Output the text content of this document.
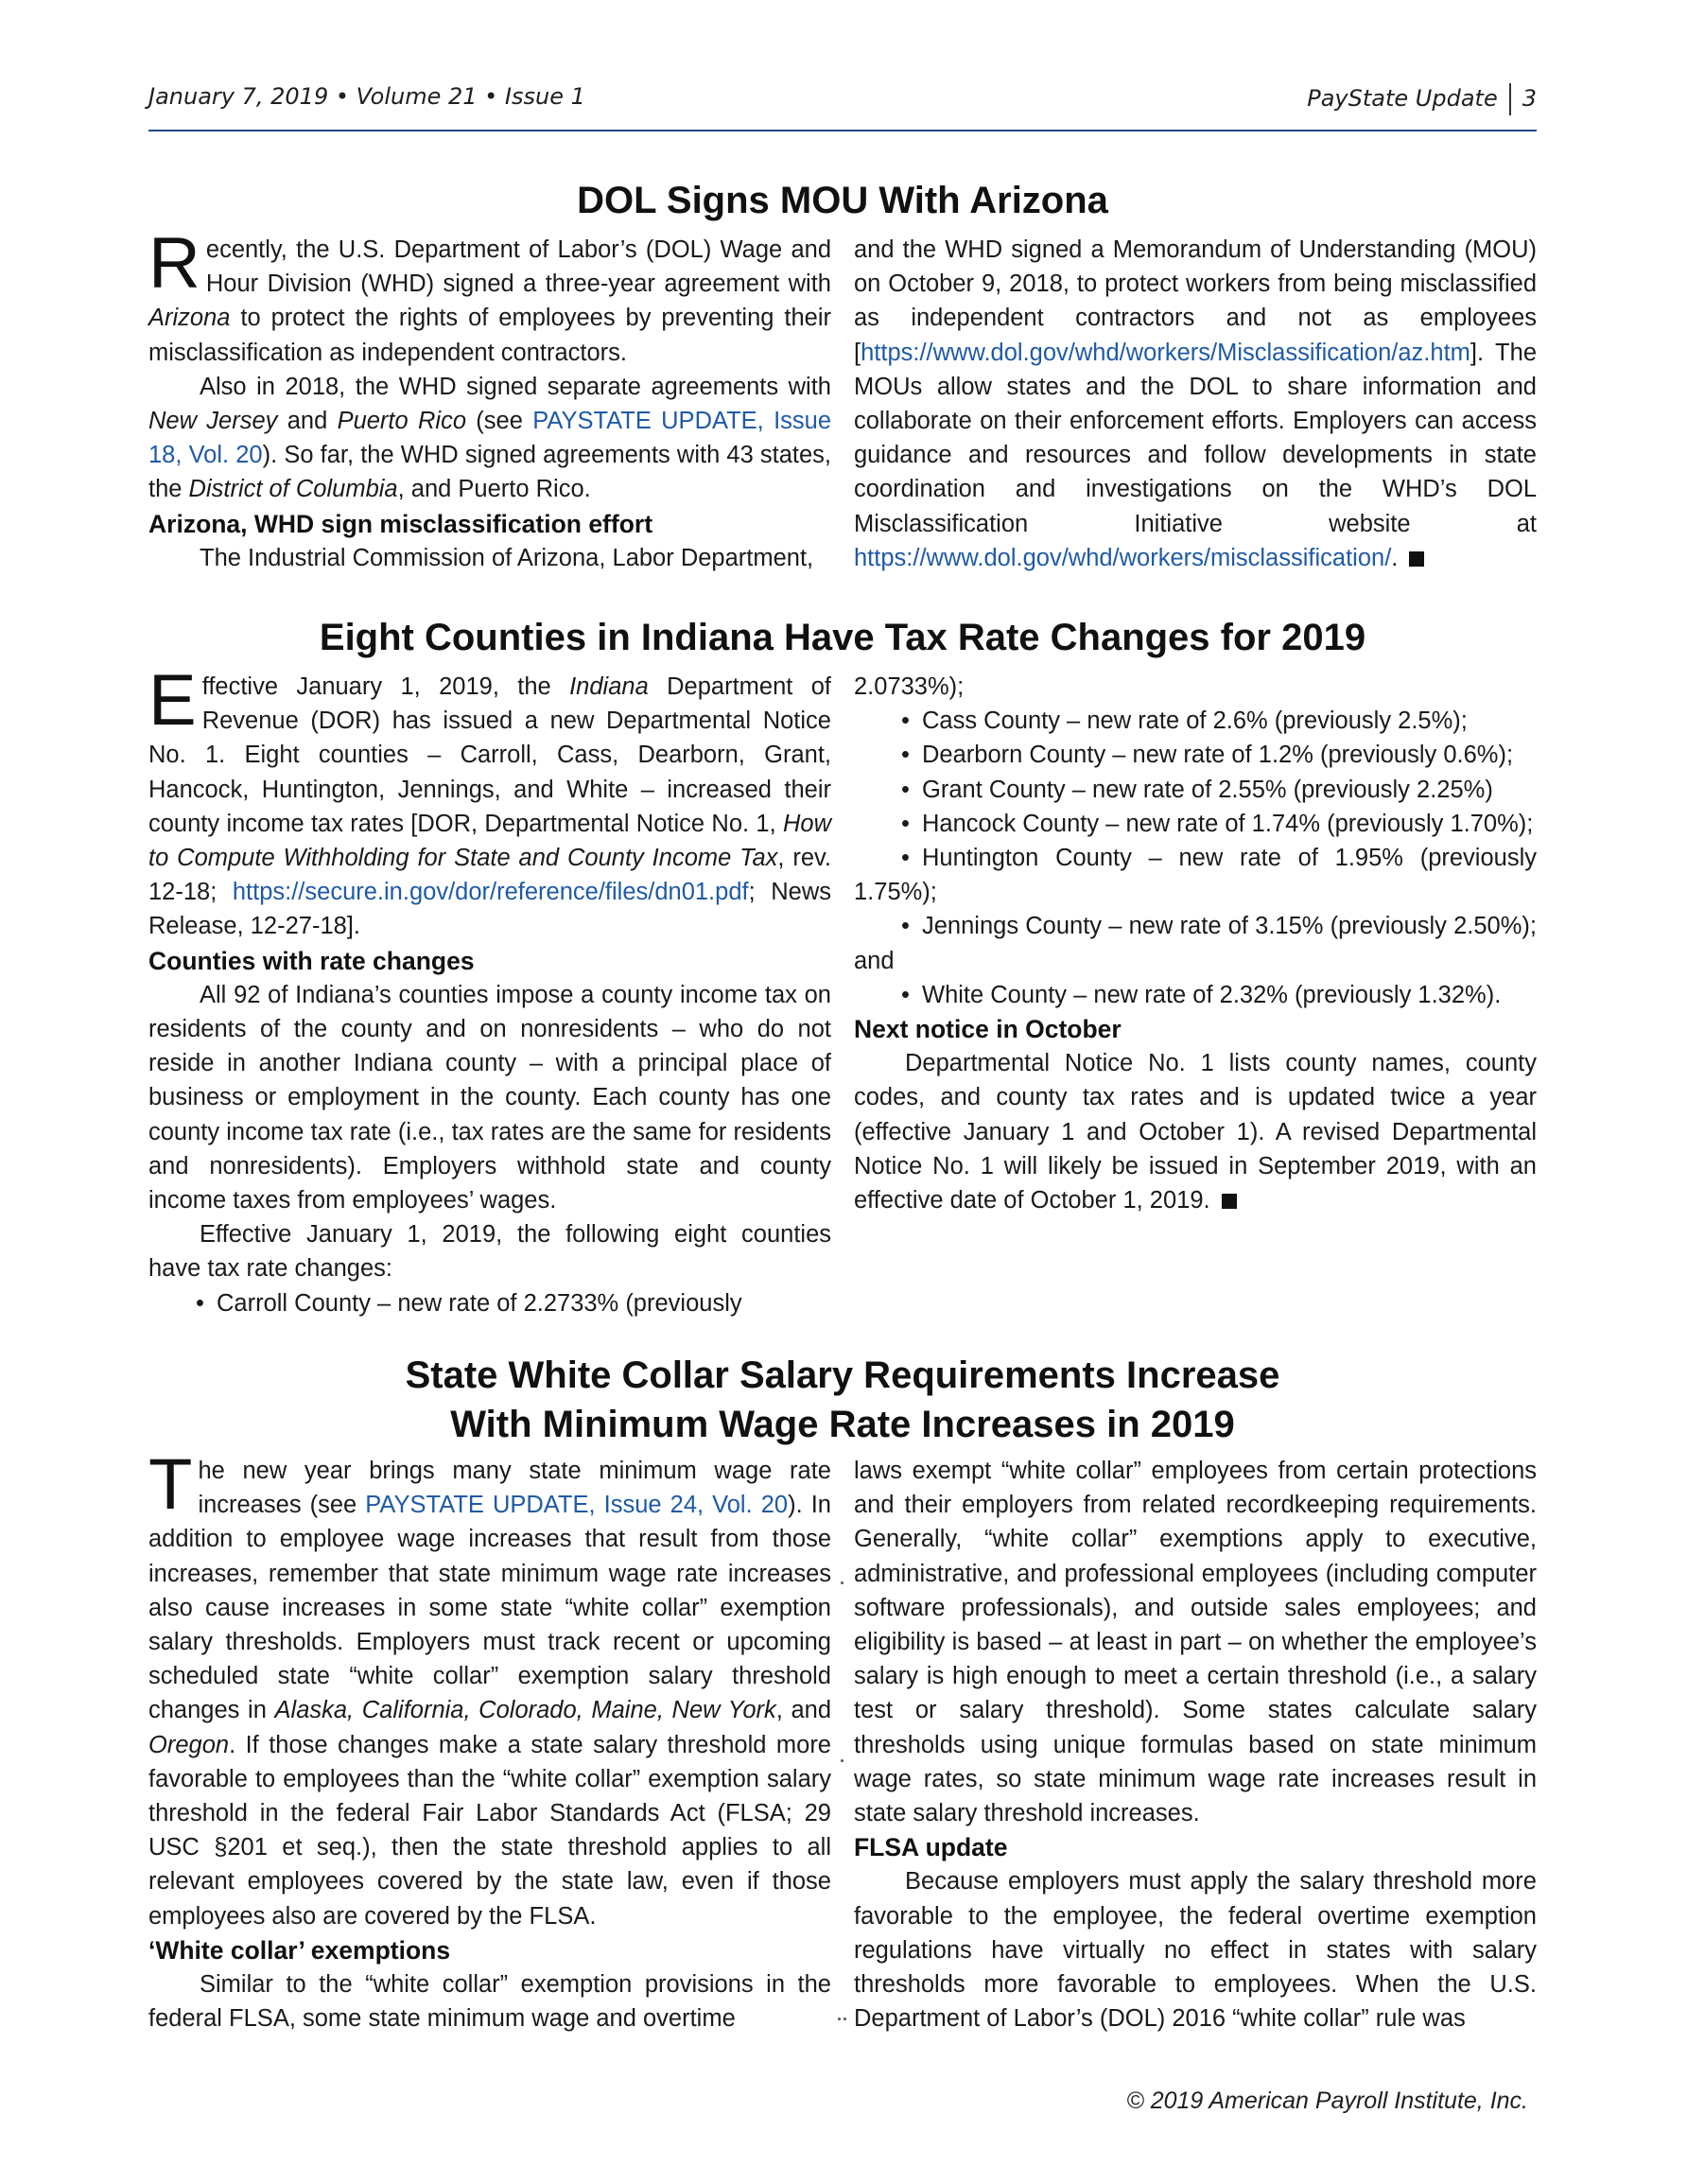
January 7, 2019 • Volume 21 • Issue 1	PayState Update 3
DOL Signs MOU With Arizona

Recently, the U.S. Department of Labor’s (DOL) Wage and Hour Division (WHD) signed a three-year agreement with Arizona to protect the rights of employees by preventing their misclassification as independent contractors.

Also in 2018, the WHD signed separate agreements with New Jersey and Puerto Rico (see PAYSTATE UPDATE, Issue 18, Vol. 20). So far, the WHD signed agreements with 43 states, the District of Columbia, and Puerto Rico.

Arizona, WHD sign misclassification effort

The Industrial Commission of Arizona, Labor Department,

and the WHD signed a Memorandum of Understanding (MOU) on October 9, 2018, to protect workers from being misclassified as independent contractors and not as employees [https://www.dol.gov/whd/workers/Misclassification/az.htm]. The MOUs allow states and the DOL to share information and collaborate on their enforcement efforts. Employers can access guidance and resources and follow developments in state coordination and investigations on the WHD’s DOL Misclassification Initiative website at https://www.dol.gov/whd/workers/misclassification/.

Eight Counties in Indiana Have Tax Rate Changes for 2019

Effective January 1, 2019, the Indiana Department of Revenue (DOR) has issued a new Departmental Notice No. 1. Eight counties – Carroll, Cass, Dearborn, Grant, Hancock, Huntington, Jennings, and White – increased their county income tax rates [DOR, Departmental Notice No. 1, How to Compute Withholding for State and County Income Tax, rev. 12-18; https://secure.in.gov/dor/reference/files/dn01.pdf; News Release, 12-27-18].

Counties with rate changes

All 92 of Indiana’s counties impose a county income tax on residents of the county and on nonresidents – who do not reside in another Indiana county – with a principal place of business or employment in the county. Each county has one county income tax rate (i.e., tax rates are the same for residents and nonresidents). Employers withhold state and county income taxes from employees’ wages.

Effective January 1, 2019, the following eight counties have tax rate changes:

• Carroll County – new rate of 2.2733% (previously

2.0733%);

• Cass County – new rate of 2.6% (previously 2.5%);
• Dearborn County – new rate of 1.2% (previously 0.6%);
• Grant County – new rate of 2.55% (previously 2.25%)
• Hancock County – new rate of 1.74% (previously 1.70%);
• Huntington County – new rate of 1.95% (previously 1.75%);
• Jennings County – new rate of 3.15% (previously 2.50%); and
• White County – new rate of 2.32% (previously 1.32%).
Next notice in October

Departmental Notice No. 1 lists county names, county codes, and county tax rates and is updated twice a year (effective January 1 and October 1). A revised Departmental Notice No. 1 will likely be issued in September 2019, with an effective date of October 1, 2019.

State White Collar Salary Requirements Increase
With Minimum Wage Rate Increases in 2019

The new year brings many state minimum wage rate increases (see PAYSTATE UPDATE, Issue 24, Vol. 20). In addition to employee wage increases that result from those increases, remember that state minimum wage rate increases also cause increases in some state “white collar” exemption salary thresholds. Employers must track recent or upcoming scheduled state “white collar” exemption salary threshold changes in Alaska, California, Colorado, Maine, New York, and Oregon. If those changes make a state salary threshold more favorable to employees than the “white collar” exemption salary threshold in the federal Fair Labor Standards Act (FLSA; 29 USC §201 et seq.), then the state threshold applies to all relevant employees covered by the state law, even if those employees also are covered by the FLSA.

‘White collar’ exemptions

Similar to the “white collar” exemption provisions in the federal FLSA, some state minimum wage and overtime

laws exempt “white collar” employees from certain protections and their employers from related recordkeeping requirements. Generally, “white collar” exemptions apply to executive, administrative, and professional employees (including computer software professionals), and outside sales employees; and eligibility is based – at least in part – on whether the employee’s salary is high enough to meet a certain threshold (i.e., a salary test or salary threshold). Some states calculate salary thresholds using unique formulas based on state minimum wage rates, so state minimum wage rate increases result in state salary threshold increases.

FLSA update

Because employers must apply the salary threshold more favorable to the employee, the federal overtime exemption regulations have virtually no effect in states with salary thresholds more favorable to employees. When the U.S. Department of Labor’s (DOL) 2016 “white collar” rule was

© 2019 American Payroll Institute, Inc.
